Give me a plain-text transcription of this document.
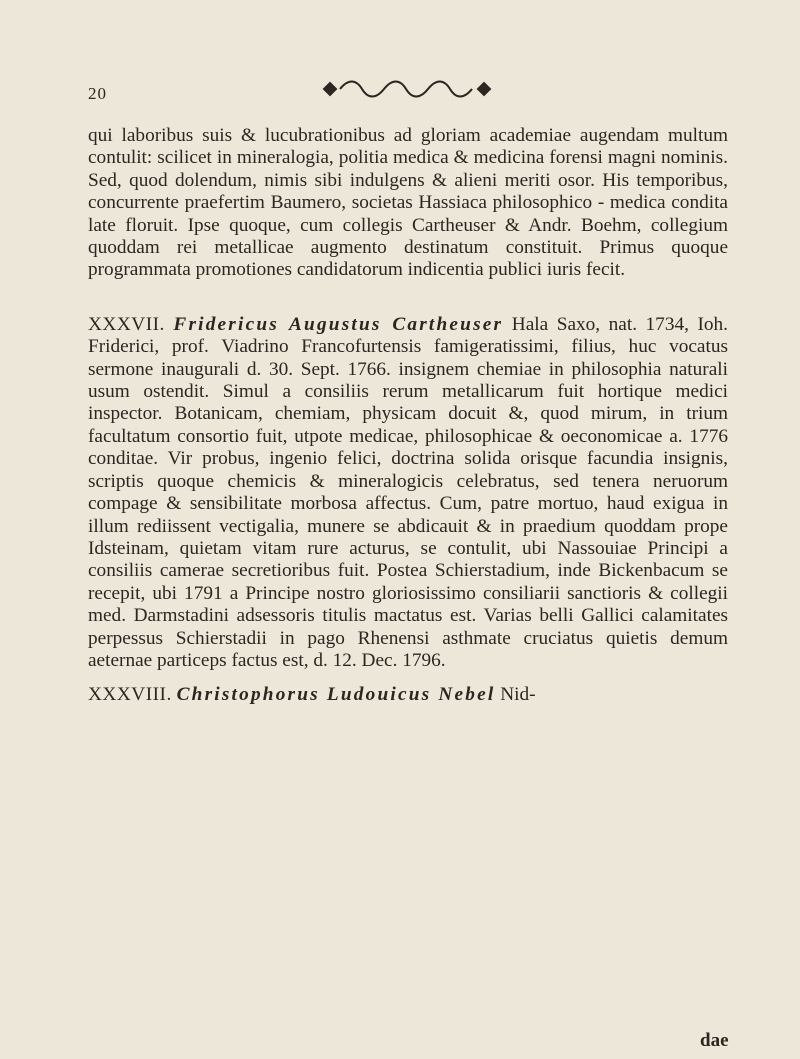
20

qui laboribus suis & lucubrationibus ad gloriam academiae augendam multum contulit: scilicet in mineralogia, politia medica & medicina forensi magni nominis. Sed, quod dolendum, nimis sibi indulgens & alieni meriti osor. His temporibus, concurrente praefertim Baumero, societas Hassiaca philosophico - medica condita late floruit. Ipse quoque, cum collegis Cartheuser & Andr. Boehm, collegium quoddam rei metallicae augmento destinatum constituit. Primus quoque programmata promotiones candidatorum indicentia publici iuris fecit.

XXXVII. Fridericus Augustus Cartheuser Hala Saxo, nat. 1734, Ioh. Friderici, prof. Viadrino Francofurtensis famigeratissimi, filius, huc vocatus sermone inaugurali d. 30. Sept. 1766. insignem chemiae in philosophia naturali usum ostendit. Simul a consiliis rerum metallicarum fuit hortique medici inspector. Botanicam, chemiam, physicam docuit &, quod mirum, in trium facultatum consortio fuit, utpote medicae, philosophicae & oeconomicae a. 1776 conditae. Vir probus, ingenio felici, doctrina solida orisque facundia insignis, scriptis quoque chemicis & mineralogicis celebratus, sed tenera neruorum compage & sensibilitate morbosa affectus. Cum, patre mortuo, haud exigua in illum rediissent vectigalia, munere se abdicauit & in praedium quoddam prope Idsteinam, quietam vitam rure acturus, se contulit, ubi Nassouiae Principi a consiliis camerae secretioribus fuit. Postea Schierstadium, inde Bickenbacum se recepit, ubi 1791 a Principe nostro gloriosissimo consiliarii sanctioris & collegii med. Darmstadini adsessoris titulis mactatus est. Varias belli Gallici calamitates perpessus Schierstadii in pago Rhenensi asthmate cruciatus quietis demum aeternae particeps factus est, d. 12. Dec. 1796.

XXXVIII. Christophorus Ludouicus Nebel Nid-

dae
